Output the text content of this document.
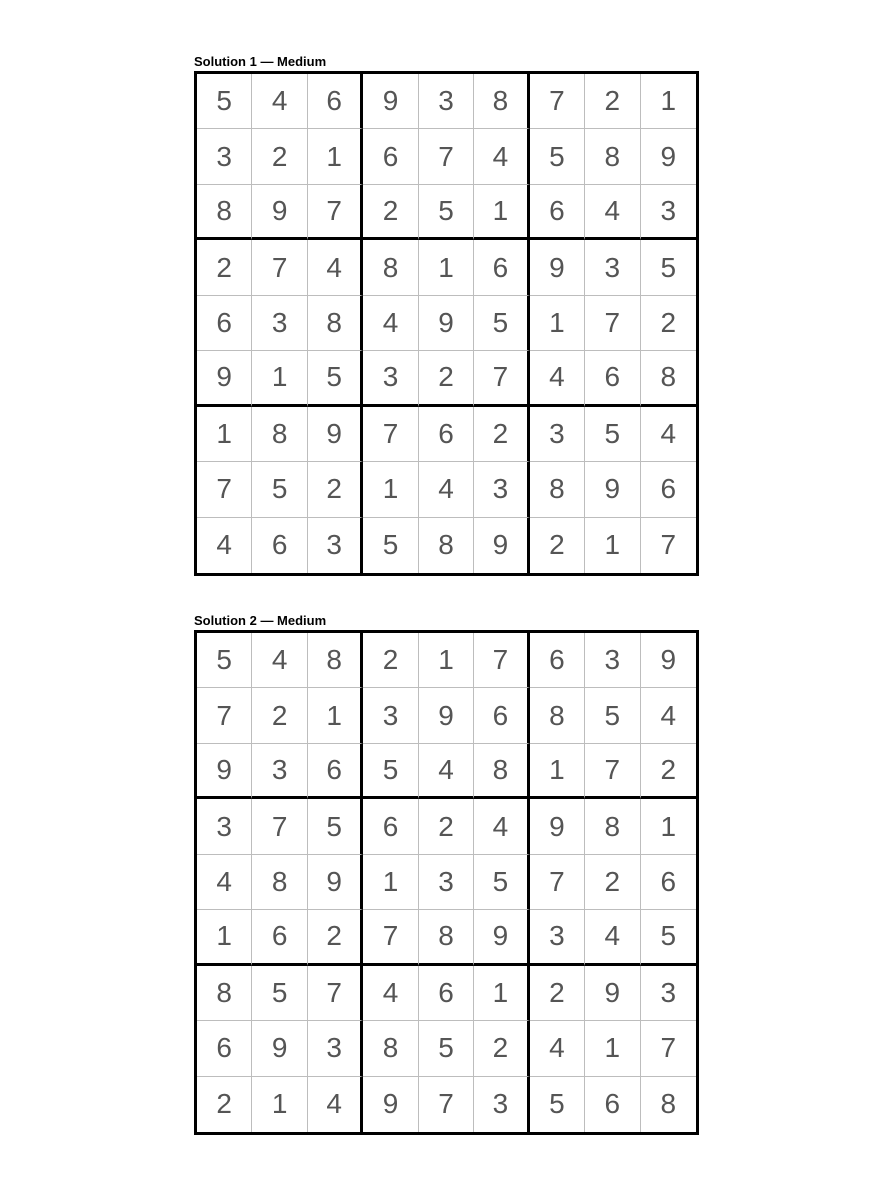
Solution 1 — Medium
5	4	6	9	3	8	7	2	1
3	2	1	6	7	4	5	8	9
8	9	7	2	5	1	6	4	3
2	7	4	8	1	6	9	3	5
6	3	8	4	9	5	1	7	2
9	1	5	3	2	7	4	6	8
1	8	9	7	6	2	3	5	4
7	5	2	1	4	3	8	9	6
4	6	3	5	8	9	2	1	7
Solution 2 — Medium
5	4	8	2	1	7	6	3	9
7	2	1	3	9	6	8	5	4
9	3	6	5	4	8	1	7	2
3	7	5	6	2	4	9	8	1
4	8	9	1	3	5	7	2	6
1	6	2	7	8	9	3	4	5
8	5	7	4	6	1	2	9	3
6	9	3	8	5	2	4	1	7
2	1	4	9	7	3	5	6	8
